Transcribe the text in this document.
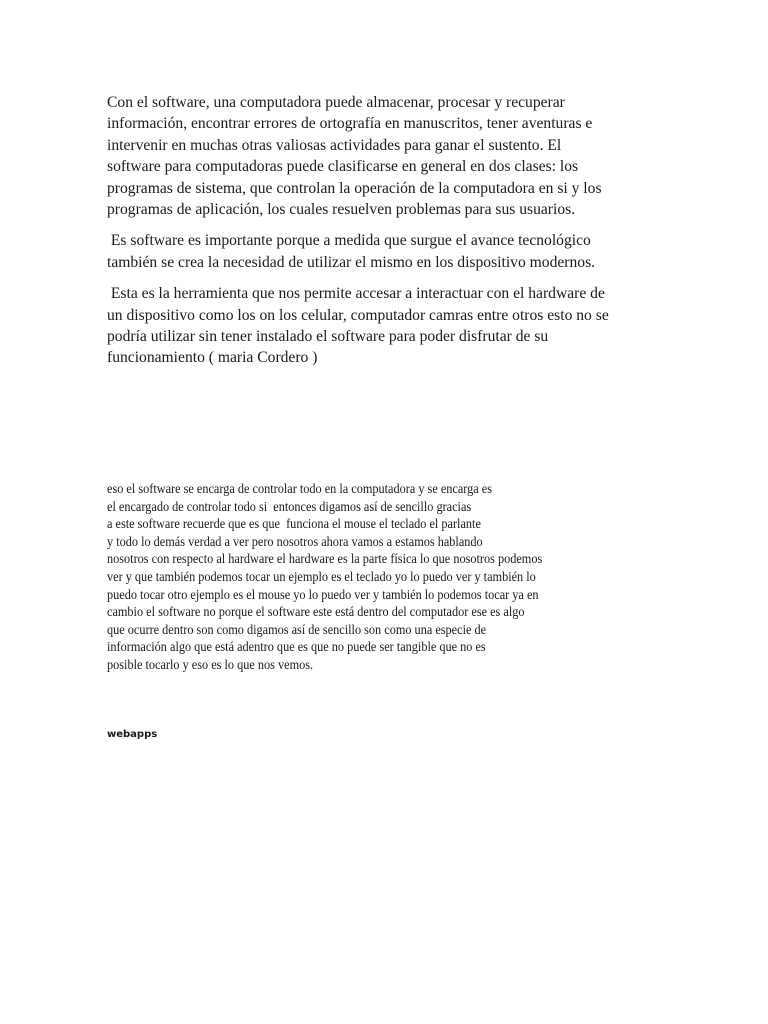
Con el software, una computadora puede almacenar, procesar y recuperar
información, encontrar errores de ortografía en manuscritos, tener aventuras e
intervenir en muchas otras valiosas actividades para ganar el sustento. El
software para computadoras puede clasificarse en general en dos clases: los
programas de sistema, que controlan la operación de la computadora en si y los
programas de aplicación, los cuales resuelven problemas para sus usuarios.

Es software es importante porque a medida que surgue el avance tecnológico
también se crea la necesidad de utilizar el mismo en los dispositivo modernos.

Esta es la herramienta que nos permite accesar a interactuar con el hardware de
un dispositivo como los on los celular, computador camras entre otros esto no se
podría utilizar sin tener instalado el software para poder disfrutar de su
funcionamiento ( maria Cordero )

eso el software se encarga de controlar todo en la computadora y se encarga es
el encargado de controlar todo si  entonces digamos así de sencillo gracias
a este software recuerde que es que  funciona el mouse el teclado el parlante
y todo lo demás verdad a ver pero nosotros ahora vamos a estamos hablando
nosotros con respecto al hardware el hardware es la parte física lo que nosotros podemos
ver y que también podemos tocar un ejemplo es el teclado yo lo puedo ver y también lo
puedo tocar otro ejemplo es el mouse yo lo puedo ver y también lo podemos tocar ya en
cambio el software no porque el software este está dentro del computador ese es algo
que ocurre dentro son como digamos así de sencillo son como una especie de
información algo que está adentro que es que no puede ser tangible que no es
posible tocarlo y eso es lo que nos vemos.
webapps
